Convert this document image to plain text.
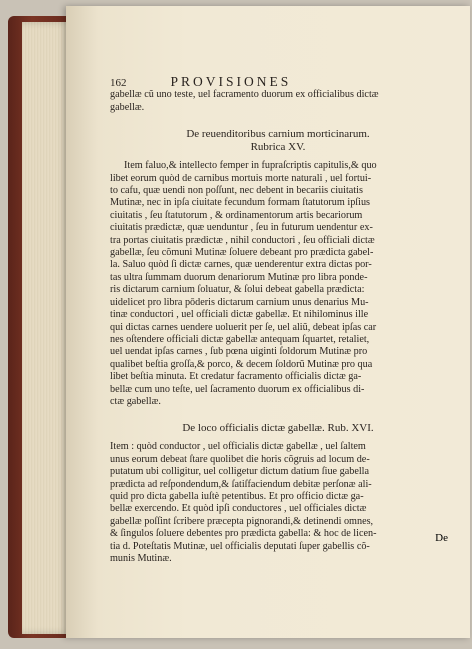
162	PROVISIONES
gabellæ cũ uno teste, uel facramento duorum ex officialibus dictæ
gabellæ.
De reuenditoribus carnium morticinarum.
Rubrica XV.
Item faluo,& intellecto femper in fupraſcriptis capitulis,& quo
libet eorum quòd de carnibus mortuis morte naturali , uel fortui-
to cafu, quæ uendi non poſſunt, nec debent in becariis ciuitatis
Mutinæ, nec in ipſa ciuitate fecundum formam ſtatutorum ipſius
ciuitatis , ſeu ſtatutorum , & ordinamentorum artis becariorum
ciuitatis prædictæ, quæ uenduntur , ſeu in futurum uendentur ex-
tra portas ciuitatis prædictæ , nihil conductori , ſeu officiali dictæ
gabellæ, ſeu cõmuni Mutinæ ſoluere debeant pro prædicta gabel-
la. Saluo quòd ſi dictæ carnes, quæ uenderentur extra dictas por-
tas ultra ſummam duorum denariorum Mutinæ pro libra ponde-
ris dictarum carnium ſoluatur, & ſolui debeat gabella prædicta:
uidelicet pro libra pōderis dictarum carnium unus denarius Mu-
tinæ conductori , uel officiali dictæ gabellæ. Et nihilominus ille
qui dictas carnes uendere uoluerit per ſe, uel aliũ, debeat ipſas car
nes oſtendere officiali dictæ gabellæ antequam ſquartet, retaliet,
uel uendat ipſas carnes , ſub pœna uiginti ſoldorum Mutinæ pro
qualibet beſtia groſſa,& porco, & decem ſoldorũ Mutinæ pro qua
libet beſtia minuta. Et credatur facramento officialis dictæ ga-
bellæ cum uno teſte, uel ſacramento duorum ex officialibus di-
ctæ gabellæ.
De loco officialis dictæ gabellæ. Rub. XVI.
Item : quòd conductor , uel officialis dictæ gabellæ , uel ſaltem
unus eorum debeat ſtare quolibet die horis cõgruis ad locum de-
putatum ubi colligitur, uel colligetur dictum datium ſiue gabella
prædicta ad reſpondendum,& ſatiſfaciendum debitæ perſonæ ali-
quid pro dicta gabella iuſtè petentibus. Et pro officio dictæ ga-
bellæ exercendo. Et quòd ipſi conductores , uel officiales dictæ
gabellæ poſſint ſcribere præcepta pignorandi,& detinendi omnes,
& ſingulos ſoluere debentes pro prædicta gabella: & hoc de licen-
tia d. Poteſtatis Mutinæ, uel officialis deputati ſuper gabellis cõ-
munis Mutinæ.
De
